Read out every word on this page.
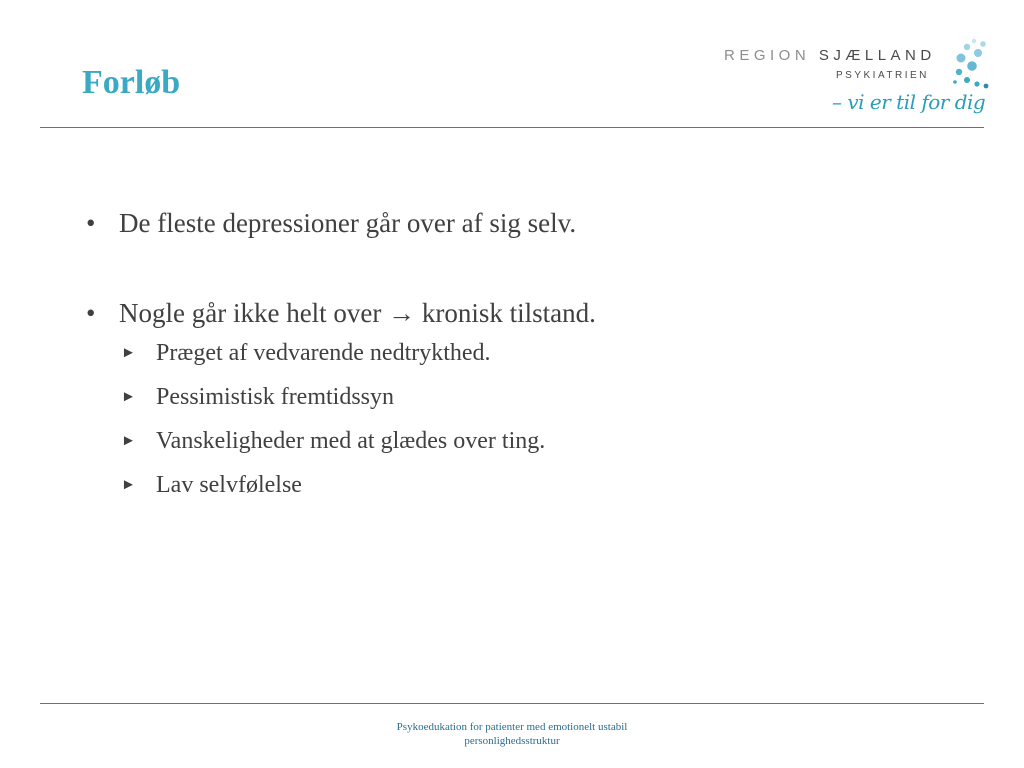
Forløb
REGION SJÆLLAND
PSYKIATRIEN
– vi er til for dig
• De fleste depressioner går over af sig selv.
• Nogle går ikke helt over → kronisk tilstand.
► Præget af vedvarende nedtrykthed.
► Pessimistisk fremtidssyn
► Vanskeligheder med at glædes over ting.
► Lav selvfølelse
Psykoedukation for patienter med emotionelt ustabil
personlighedsstruktur
